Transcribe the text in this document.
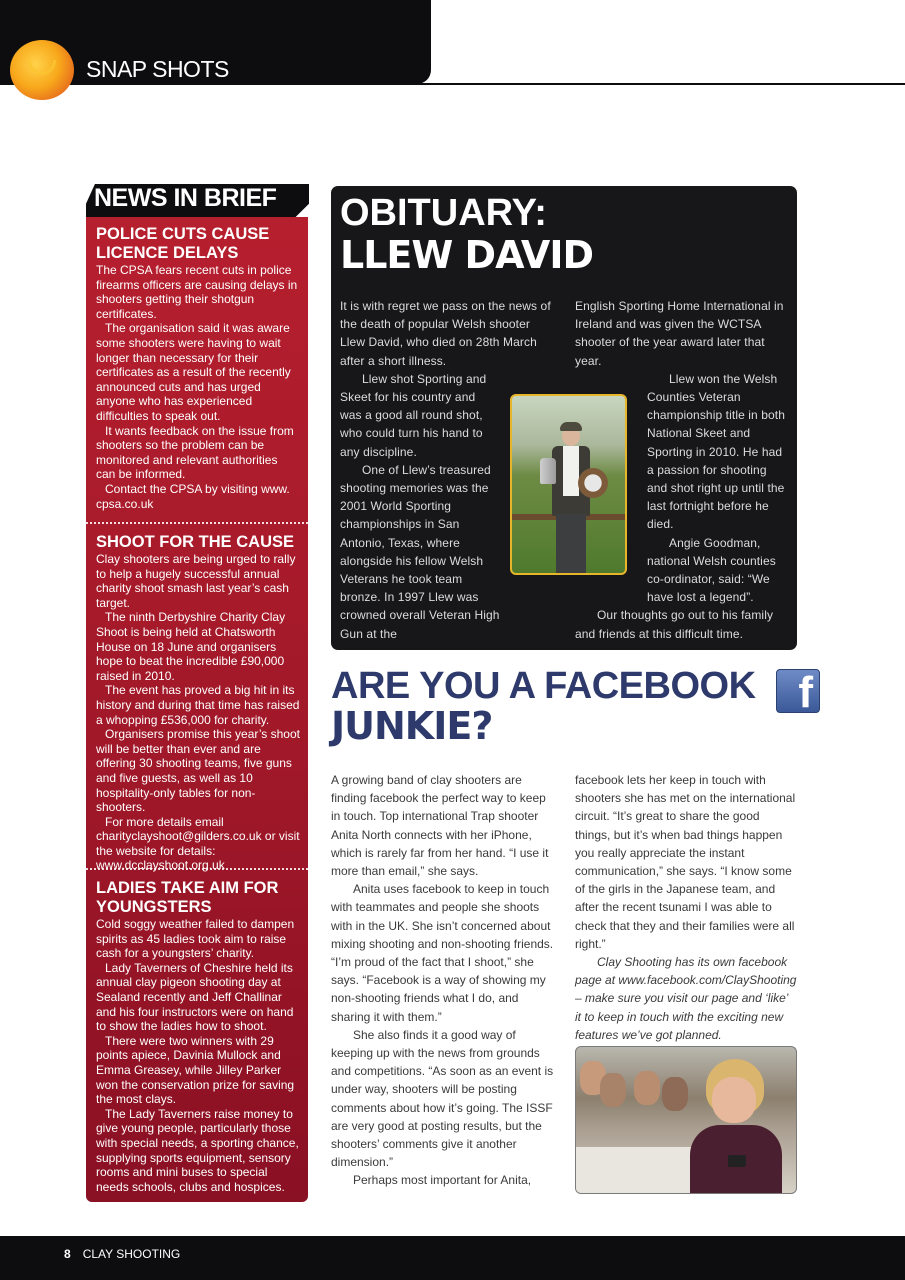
SNAP SHOTS
NEWS IN BRIEF
POLICE CUTS CAUSE LICENCE DELAYS

The CPSA fears recent cuts in police firearms officers are causing delays in shooters getting their shotgun certificates.

The organisation said it was aware some shooters were having to wait longer than necessary for their certificates as a result of the recently announced cuts and has urged anyone who has experienced difficulties to speak out.

It wants feedback on the issue from shooters so the problem can be monitored and relevant authorities can be informed.

Contact the CPSA by visiting www. cpsa.co.uk

SHOOT FOR THE CAUSE

Clay shooters are being urged to rally to help a hugely successful annual charity shoot smash last year’s cash target.

The ninth Derbyshire Charity Clay Shoot is being held at Chatsworth House on 18 June and organisers hope to beat the incredible £90,000 raised in 2010.

The event has proved a big hit in its history and during that time has raised a whopping £536,000 for charity.

Organisers promise this year’s shoot will be better than ever and are offering 30 shooting teams, five guns and five guests, as well as 10 hospitality-only tables for non-shooters.

For more details email charityclayshoot@gilders.co.uk or visit the website for details: www.dcclayshoot.org.uk

LADIES TAKE AIM FOR YOUNGSTERS

Cold soggy weather failed to dampen spirits as 45 ladies took aim to raise cash for a youngsters’ charity.

Lady Taverners of Cheshire held its annual clay pigeon shooting day at Sealand recently and Jeff Challinar and his four instructors were on hand to show the ladies how to shoot.

There were two winners with 29 points apiece, Davinia Mullock and Emma Greasey, while Jilley Parker won the conservation prize for saving the most clays.

The Lady Taverners raise money to give young people, particularly those with special needs, a sporting chance, supplying sports equipment, sensory rooms and mini buses to special needs schools, clubs and hospices.

OBITUARY:
LLEW DAVID

It is with regret we pass on the news of the death of popular Welsh shooter Llew David, who died on 28th March after a short illness.

Llew shot Sporting and Skeet for his country and was a good all round shot, who could turn his hand to any discipline.

One of Llew’s treasured shooting memories was the 2001 World Sporting championships in San Antonio, Texas, where alongside his fellow Welsh Veterans he took team bronze. In 1997 Llew was crowned overall Veteran High Gun at the

English Sporting Home International in Ireland and was given the WCTSA shooter of the year award later that year.

Llew won the Welsh Counties Veteran championship title in both National Skeet and Sporting in 2010. He had a passion for shooting and shot right up until the last fortnight before he died.

Angie Goodman, national Welsh counties co-ordinator, said: “We have lost a legend”.

Our thoughts go out to his family and friends at this difficult time.

ARE YOU A FACEBOOK
JUNKIE?
f

A growing band of clay shooters are finding facebook the perfect way to keep in touch. Top international Trap shooter Anita North connects with her iPhone, which is rarely far from her hand. “I use it more than email,” she says.

Anita uses facebook to keep in touch with teammates and people she shoots with in the UK. She isn’t concerned about mixing shooting and non-shooting friends. “I’m proud of the fact that I shoot,” she says. “Facebook is a way of showing my non-shooting friends what I do, and sharing it with them.”

She also finds it a good way of keeping up with the news from grounds and competitions. “As soon as an event is under way, shooters will be posting comments about how it’s going. The ISSF are very good at posting results, but the shooters’ comments give it another dimension.”

Perhaps most important for Anita,

facebook lets her keep in touch with shooters she has met on the international circuit. “It’s great to share the good things, but it’s when bad things happen you really appreciate the instant communication,” she says. “I know some of the girls in the Japanese team, and after the recent tsunami I was able to check that they and their families were all right.”

Clay Shooting has its own facebook page at www.facebook.com/ClayShooting – make sure you visit our page and ‘like’ it to keep in touch with the exciting new features we’ve got planned.

8 CLAY SHOOTING
